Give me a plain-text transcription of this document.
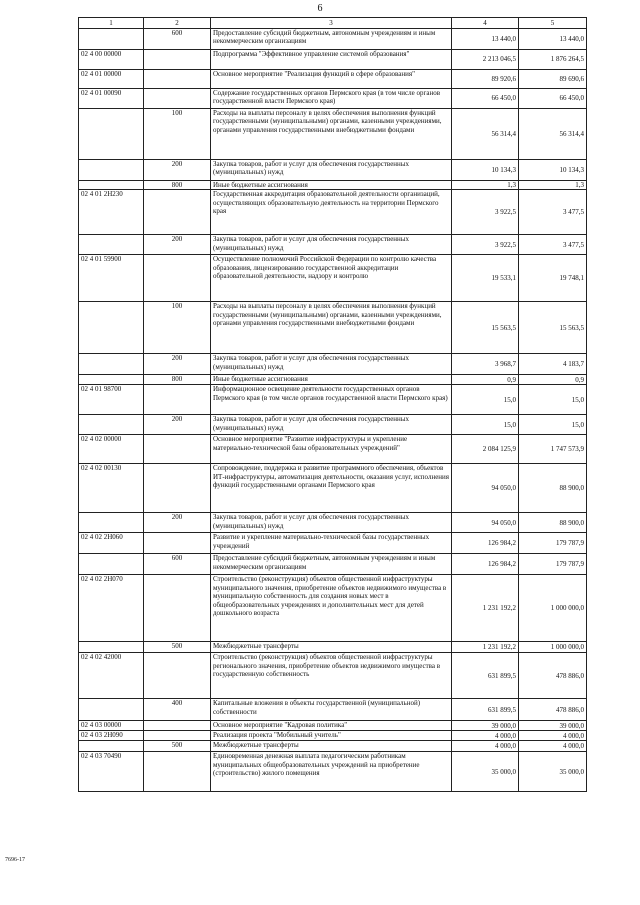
6
1	2	3	4	5
	600	Предоставление субсидий бюджетным, автономным учреждениям и иным некоммерческим организациям	13 440,0	13 440,0
02 4 00 00000		Подпрограмма "Эффективное управление системой образования"	2 213 046,5	1 876 264,5
02 4 01 00000		Основное мероприятие "Реализация функций в сфере образования"	89 920,6	89 690,6
02 4 01 00090		Содержание государственных органов Пермского края (в том числе органов государственной власти Пермского края)	66 450,0	66 450,0
	100	Расходы на выплаты персоналу в целях обеспечения выполнения функций государственными (муниципальными) органами, казенными учреждениями, органами управления государственными внебюджетными фондами	56 314,4	56 314,4
	200	Закупка товаров, работ и услуг для обеспечения государственных (муниципальных) нужд	10 134,3	10 134,3
	800	Иные бюджетные ассигнования	1,3	1,3
02 4 01 2Н230		Государственная аккредитация образовательной деятельности организаций, осуществляющих образовательную деятельность на территории Пермского края	3 922,5	3 477,5
	200	Закупка товаров, работ и услуг для обеспечения государственных (муниципальных) нужд	3 922,5	3 477,5
02 4 01 59900		Осуществление полномочий Российской Федерации по контролю качества образования, лицензированию государственной аккредитации образовательной деятельности, надзору и контролю	19 533,1	19 748,1
	100	Расходы на выплаты персоналу в целях обеспечения выполнения функций государственными (муниципальными) органами, казенными учреждениями, органами управления государственными внебюджетными фондами	15 563,5	15 563,5
	200	Закупка товаров, работ и услуг для обеспечения государственных (муниципальных) нужд	3 968,7	4 183,7
	800	Иные бюджетные ассигнования	0,9	0,9
02 4 01 98700		Информационное освещение деятельности государственных органов Пермского края (в том числе органов государственной власти Пермского края)	15,0	15,0
	200	Закупка товаров, работ и услуг для обеспечения государственных (муниципальных) нужд	15,0	15,0
02 4 02 00000		Основное мероприятие "Развитие инфраструктуры и укрепление материально-технической базы образовательных учреждений"	2 084 125,9	1 747 573,9
02 4 02 00130		Сопровождение, поддержка и развитие программного обеспечения, объектов ИТ-инфраструктуры, автоматизация деятельности, оказания услуг, исполнения функций государственными органами Пермского края	94 050,0	88 900,0
	200	Закупка товаров, работ и услуг для обеспечения государственных (муниципальных) нужд	94 050,0	88 900,0
02 4 02 2Н060		Развитие и укрепление материально-технической базы государственных учреждений	126 984,2	179 787,9
	600	Предоставление субсидий бюджетным, автономным учреждениям и иным некоммерческим организациям	126 984,2	179 787,9
02 4 02 2Н070		Строительство (реконструкция) объектов общественной инфраструктуры муниципального значения, приобретение объектов недвижимого имущества в муниципальную собственность для создания новых мест в общеобразовательных учреждениях и дополнительных мест для детей дошкольного возраста	1 231 192,2	1 000 000,0
	500	Межбюджетные трансферты	1 231 192,2	1 000 000,0
02 4 02 42000		Строительство (реконструкция) объектов общественной инфраструктуры регионального значения, приобретение объектов недвижимого имущества в государственную собственность	631 899,5	478 886,0
	400	Капитальные вложения в объекты государственной (муниципальной) собственности	631 899,5	478 886,0
02 4 03 00000		Основное мероприятие "Кадровая политика"	39 000,0	39 000,0
02 4 03 2Н090		Реализация проекта "Мобильный учитель"	4 000,0	4 000,0
	500	Межбюджетные трансферты	4 000,0	4 000,0
02 4 03 70490		Единовременная денежная выплата педагогическим работникам муниципальных общеобразовательных учреждений на приобретение (строительство) жилого помещения	35 000,0	35 000,0
7696-17
